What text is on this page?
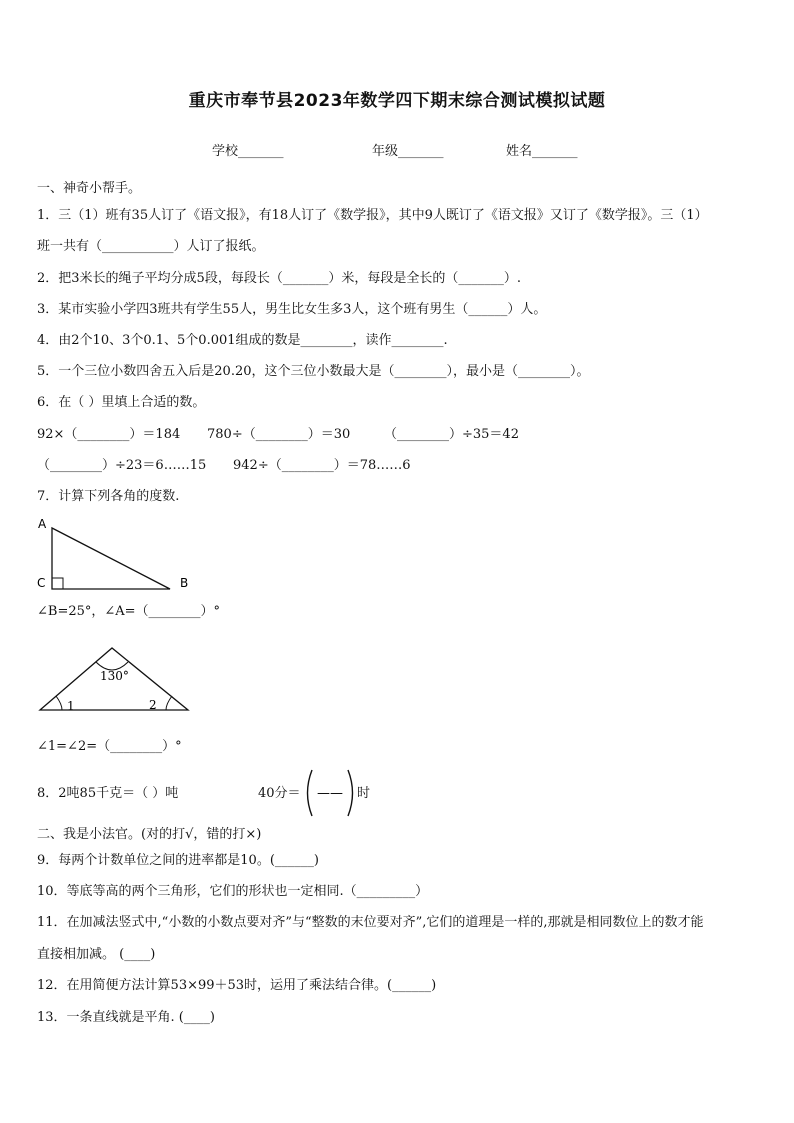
重庆市奉节县2023年数学四下期末综合测试模拟试题
学校_______	年级_______	姓名_______
一、神奇小帮手。
1．三（1）班有35人订了《语文报》，有18人订了《数学报》，其中9人既订了《语文报》又订了《数学报》。三（1）
班一共有（___________）人订了报纸。
2．把3米长的绳子平均分成5段，每段长（_______）米，每段是全长的（_______）.
3．某市实验小学四3班共有学生55人，男生比女生多3人，这个班有男生（______）人。
4．由2个10、3个0.1、5个0.001组成的数是________，读作________.
5．一个三位小数四舍五入后是20.20，这个三位小数最大是（________），最小是（________）。
6．在（ ）里填上合适的数。
92×（________）＝184 780÷（________）＝30	（________）÷35＝42
（________）÷23＝6……15 942÷（________）＝78……6
7．计算下列各角的度数.
A
C	B
∠B=25°，∠A=（________）°
130°
1	2
∠1=∠2=（________）°
8．2吨85千克＝（ ）吨	40分＝ —— 时
二、我是小法官。(对的打√，错的打×)
9．每两个计数单位之间的进率都是10。(______)
10．等底等高的两个三角形，它们的形状也一定相同.（_________）
11．在加减法竖式中,“小数的小数点要对齐”与“整数的末位要对齐”,它们的道理是一样的,那就是相同数位上的数才能
直接相加减。 (____)
12．在用简便方法计算53×99＋53时，运用了乘法结合律。(______)
13．一条直线就是平角. (____)
